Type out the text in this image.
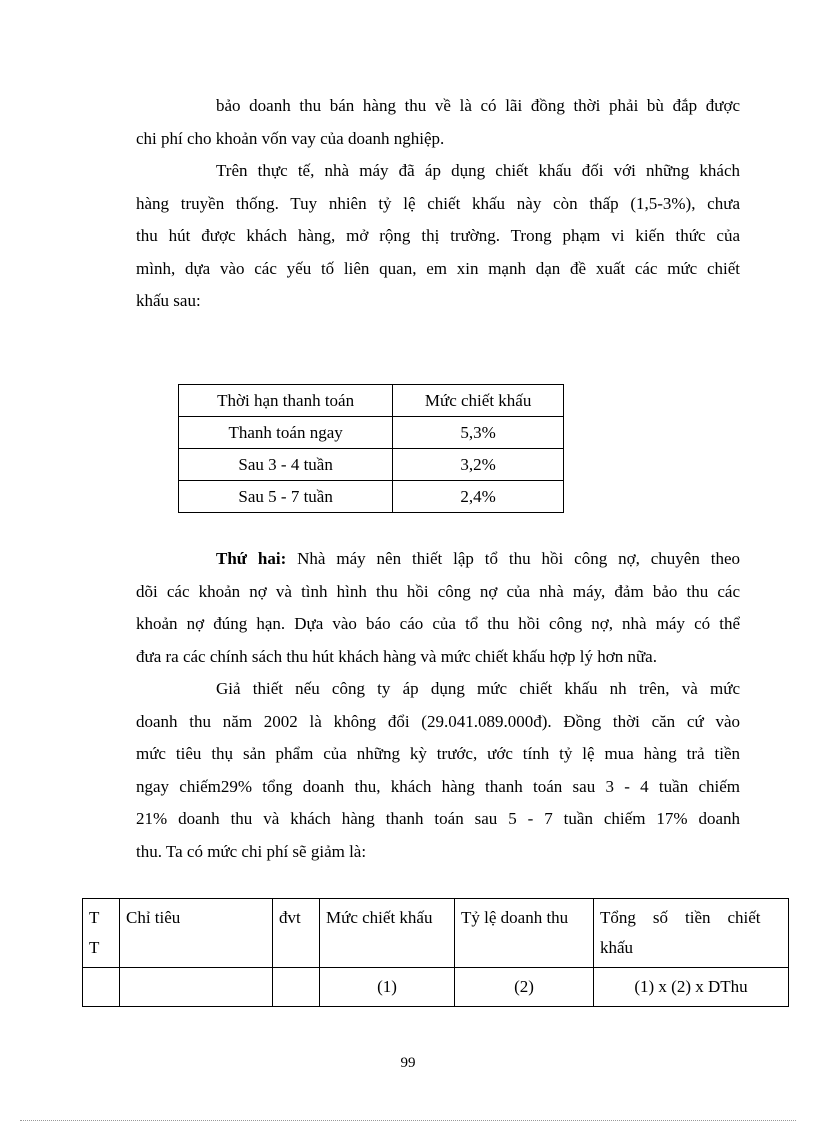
bảo doanh thu bán hàng thu về là có lãi đồng thời phải bù đắp được
chi phí cho khoản vốn vay của doanh nghiệp.

Trên thực tế, nhà máy đã áp dụng chiết khấu đối với những khách
hàng truyền thống. Tuy nhiên tỷ lệ chiết khấu này còn thấp (1,5-3%), chưa
thu hút được khách hàng, mở rộng thị trường. Trong phạm vi kiến thức của
mình, dựa vào các yếu tố liên quan, em xin mạnh dạn đề xuất các mức chiết
khấu sau:

Thời hạn thanh toán	Mức chiết khấu
Thanh toán ngay	5,3%
Sau 3 - 4 tuần	3,2%
Sau 5 - 7 tuần	2,4%

Thứ hai: Nhà máy nên thiết lập tổ thu hồi công nợ, chuyên theo
dõi các khoản nợ và tình hình thu hồi công nợ của nhà máy, đảm bảo thu các
khoản nợ đúng hạn. Dựa vào báo cáo của tổ thu hồi công nợ, nhà máy có thể
đưa ra các chính sách thu hút khách hàng và mức chiết khấu hợp lý hơn nữa.

Giả thiết nếu công ty áp dụng mức chiết khấu nh trên, và mức
doanh thu năm 2002 là không đổi (29.041.089.000đ). Đồng thời căn cứ vào
mức tiêu thụ sản phẩm của những kỳ trước, ước tính tỷ lệ mua hàng trả tiền
ngay chiếm29% tổng doanh thu, khách hàng thanh toán sau 3 - 4 tuần chiếm
21% doanh thu và khách hàng thanh toán sau 5 - 7 tuần chiếm 17% doanh
thu. Ta có mức chi phí sẽ giảm là:

T
T	Chỉ tiêu	đvt	Mức chiết khấu	Tỷ lệ doanh thu	Tổng    số    tiền    chiết
khấu
			(1)	(2)	(1) x (2) x DThu
99
